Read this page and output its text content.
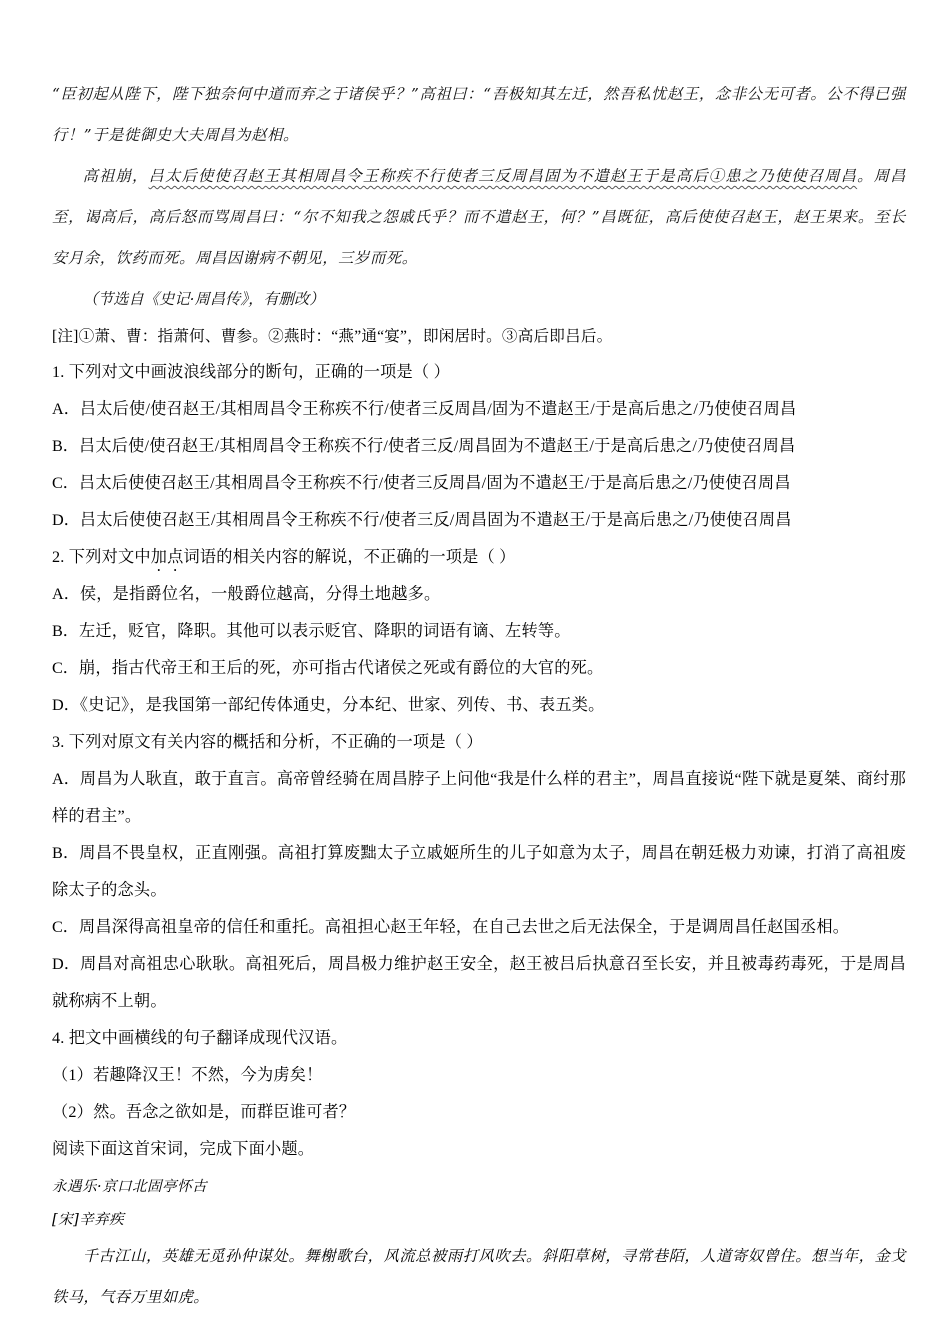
“臣初起从陛下，陛下独奈何中道而弃之于诸侯乎？”高祖曰：“吾极知其左迁，然吾私忧赵王，念非公无可者。公不得已强行！”于是徙御史大夫周昌为赵相。

高祖崩，吕太后使使召赵王其相周昌令王称疾不行使者三反周昌固为不遣赵王于是高后①患之乃使使召周昌。周昌至，谒高后，高后怒而骂周昌曰：“尔不知我之怨戚氏乎？而不遣赵王，何？”昌既征，高后使使召赵王，赵王果来。至长安月余，饮药而死。周昌因谢病不朝见，三岁而死。

（节选自《史记·周昌传》，有删改）

[注]①萧、曹：指萧何、曹参。②燕时：“燕”通“宴”，即闲居时。③高后即吕后。

1. 下列对文中画波浪线部分的断句，正确的一项是（ ）

A．吕太后使/使召赵王/其相周昌令王称疾不行/使者三反周昌/固为不遣赵王/于是高后患之/乃使使召周昌

B．吕太后使/使召赵王/其相周昌令王称疾不行/使者三反/周昌固为不遣赵王/于是高后患之/乃使使召周昌

C．吕太后使使召赵王/其相周昌令王称疾不行/使者三反周昌/固为不遣赵王/于是高后患之/乃使使召周昌

D．吕太后使使召赵王/其相周昌令王称疾不行/使者三反/周昌固为不遣赵王/于是高后患之/乃使使召周昌

2. 下列对文中加点词语的相关内容的解说，不正确的一项是（ ）

A．侯，是指爵位名，一般爵位越高，分得土地越多。

B．左迁，贬官，降职。其他可以表示贬官、降职的词语有谪、左转等。

C．崩，指古代帝王和王后的死，亦可指古代诸侯之死或有爵位的大官的死。

D．《史记》，是我国第一部纪传体通史，分本纪、世家、列传、书、表五类。

3. 下列对原文有关内容的概括和分析，不正确的一项是（ ）

A．周昌为人耿直，敢于直言。高帝曾经骑在周昌脖子上问他“我是什么样的君主”，周昌直接说“陛下就是夏桀、商纣那样的君主”。

B．周昌不畏皇权，正直刚强。高祖打算废黜太子立戚姬所生的儿子如意为太子，周昌在朝廷极力劝谏，打消了高祖废除太子的念头。

C．周昌深得高祖皇帝的信任和重托。高祖担心赵王年轻，在自己去世之后无法保全，于是调周昌任赵国丞相。

D．周昌对高祖忠心耿耿。高祖死后，周昌极力维护赵王安全，赵王被吕后执意召至长安，并且被毒药毒死，于是周昌就称病不上朝。

4. 把文中画横线的句子翻译成现代汉语。

（1）若趣降汉王！不然，今为虏矣！

（2）然。吾念之欲如是，而群臣谁可者？

阅读下面这首宋词，完成下面小题。

永遇乐·京口北固亭怀古

[宋]辛弃疾

千古江山，英雄无觅孙仲谋处。舞榭歌台，风流总被雨打风吹去。斜阳草树，寻常巷陌，人道寄奴曾住。想当年，金戈铁马，气吞万里如虎。
